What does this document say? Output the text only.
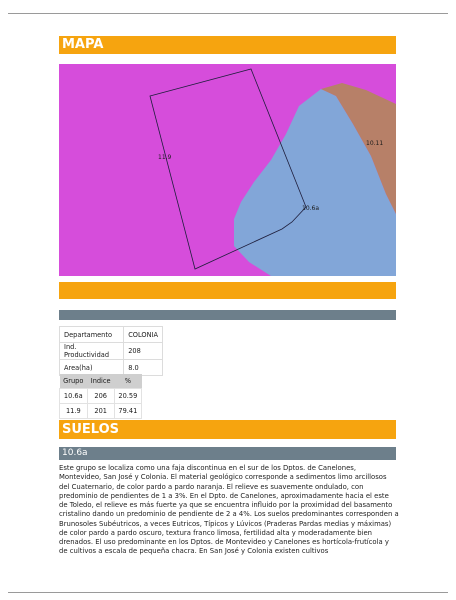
MAPA
11.9
10.6a
10.11
Departamento	COLONIA
Ind. Productividad	208
Area(ha)	8.0
Grupo	Indice	%
10.6a	206	20.59
11.9	201	79.41
SUELOS
10.6a

Este grupo se localiza como una faja discontinua en el sur de los Dptos. de Canelones,
Montevideo, San José y Colonia. El material geológico corresponde a sedimentos limo arcillosos
del Cuaternario, de color pardo a pardo naranja. El relieve es suavemente ondulado, con
predominio de pendientes de 1 a 3%. En el Dpto. de Canelones, aproximadamente hacia el este
de Toledo, el relieve es más fuerte ya que se encuentra influido por la proximidad del basamento
cristalino dando un predominio de pendiente de 2 a 4%. Los suelos predominantes corresponden a
Brunosoles Subéutricos, a veces Eutricos, Típicos y Lúvicos (Praderas Pardas medias y máximas)
de color pardo a pardo oscuro, textura franco limosa, fertilidad alta y moderadamente bien
drenados. El uso predominante en los Dptos. de Montevideo y Canelones es hortícola-frutícola y
de cultivos a escala de pequeña chacra. En San José y Colonia existen cultivos
